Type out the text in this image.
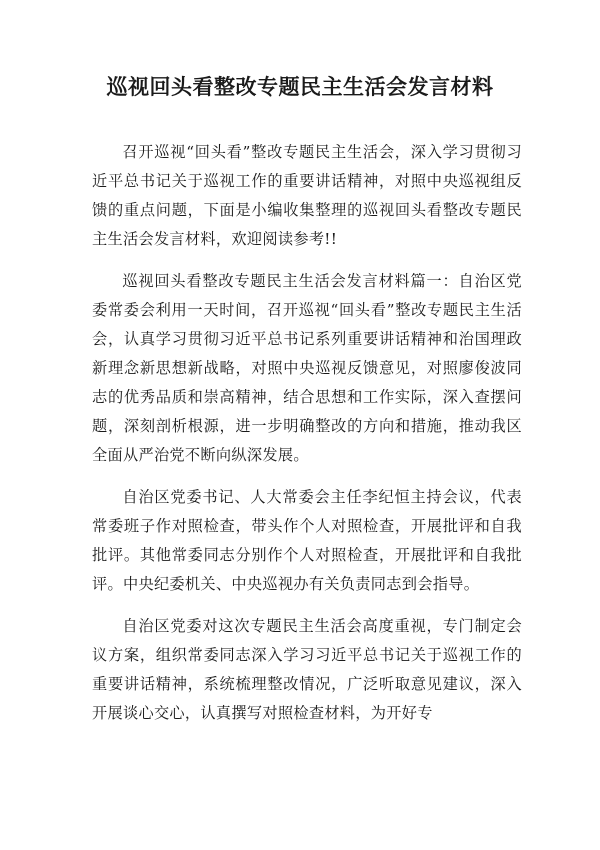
巡视回头看整改专题民主生活会发言材料

召开巡视“回头看”整改专题民主生活会，深入学习贯彻习近平总书记关于巡视工作的重要讲话精神，对照中央巡视组反馈的重点问题，下面是小编收集整理的巡视回头看整改专题民主生活会发言材料，欢迎阅读参考!!

巡视回头看整改专题民主生活会发言材料篇一：自治区党委常委会利用一天时间，召开巡视“回头看”整改专题民主生活会，认真学习贯彻习近平总书记系列重要讲话精神和治国理政新理念新思想新战略，对照中央巡视反馈意见，对照廖俊波同志的优秀品质和崇高精神，结合思想和工作实际，深入查摆问题，深刻剖析根源，进一步明确整改的方向和措施，推动我区全面从严治党不断向纵深发展。

自治区党委书记、人大常委会主任李纪恒主持会议，代表常委班子作对照检查，带头作个人对照检查，开展批评和自我批评。其他常委同志分别作个人对照检查，开展批评和自我批评。中央纪委机关、中央巡视办有关负责同志到会指导。

自治区党委对这次专题民主生活会高度重视，专门制定会议方案，组织常委同志深入学习习近平总书记关于巡视工作的重要讲话精神，系统梳理整改情况，广泛听取意见建议，深入开展谈心交心，认真撰写对照检查材料，为开好专
